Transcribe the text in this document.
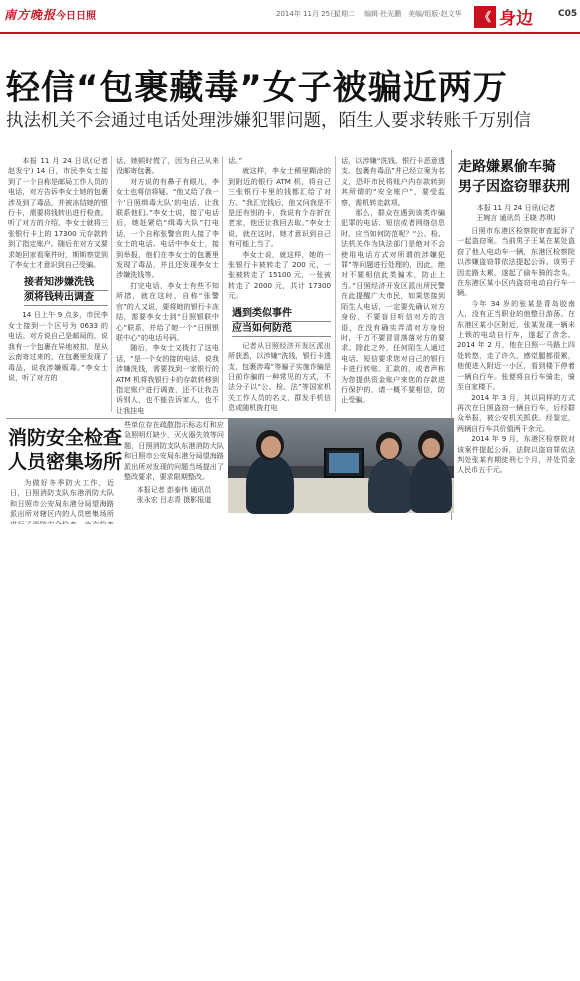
南方晚报 今日日照	2014年 11月 25日
星期二 编辑·杜光鹏 美编/组版·赵文华	《 身边	C05
轻信“包裹藏毒”女子被骗近两万
执法机关不会通过电话处理涉嫌犯罪问题，陌生人要求转账千万别信

本报 11 月 24 日讯(记者 赵发宁) 14 日，市民李女士接到了一个自称是邮局工作人员的电话，对方告诉李女士她的包裹涉及到了毒品，并被冻结她的银行卡，需要将钱转出进行检查。听了对方的介绍，李女士就将三张银行卡上的 17300 元存款转到了指定账户。随后在对方又要求她回家看案件时，斯斯察觉到了李女士才意识到自己受骗。

接者知涉嫌洗钱
须将钱转出调查

14 日上午 9 点多，市民李女士接到一个区号为 0633 的电话。对方说自己是邮局的，说我有一个包裹在异地被扣，是从云南寄过来的，在包裹里发现了毒品，说我涉嫌贩毒。”李女士说，听了对方的

话，她顿时慌了，因为自己从来没邮寄包裹。

对方说的有鼻子有眼儿，李女士也将信将疑。“他又给了我一个‘日照缉毒大队’的电话，让我联系他们。”李女士说，接了电话后，她赶紧给“缉毒大队”打电话，一个自称张警官的人接了李女士的电话。电话中李女士，接到举报，他们在李女士的包裹里发现了毒品，并且还发现李女士涉嫌洗钱等。

打完电话，李女士有些不知所措，就在这时，自称“张警官”的人又说，要将她的银行卡冻结，需要李女士到“日照银联中心”联系，并给了她一个“日照银联中心”的电话号码。

随后，李女士又拨打了这电话，“是一个女的接的电话，说我涉嫌洗钱，需要找到一家银行的 ATM 机将我银行卡的存款转移到指定账户进行调查，还不让我告诉别人，也不能告诉家人，也不让我挂电

话。”

就这样，李女士稀里糊涂的到附近的银行 ATM 机，将自己三张银行卡里的钱都汇给了对方。“我汇完钱后，他又问我是不是还有别的卡，我说有个存折在老家，他还让我回去取。”李女士说，就在这时，她才意识到自己有可能上当了。

李女士说，就这样，她的一张银行卡被转走了 200 元，一张被转走了 15100 元，一张被转走了 2000 元，共计 17300 元。

遇到类似事件
应当如何防范

记者从日照经济开发区派出所获悉，以涉嫌“洗钱，银行卡透支，包裹涉毒”等骗子实施诈骗是日前诈骗的一种常见的方式，不法分子以“公、检、法”等国家机关工作人员的名义，群发手机信息或随机拨打电

话，以涉嫌“洗钱、银行卡恶意透支、包裹有毒品”并已经立案为名义，恐吓市民将账户内存款转到其所谓的“安全账户”，要受监察，需机转走款项。

那么，群众在遇到该类诈骗犯罪的电话、短信或者网络信息时，应当如何防范呢？“公、检、法机关作为执法部门是绝对不会使用电话方式对所谓的涉嫌犯罪”等问题进行处理的，因此，绝对不要相信此类骗术，防止上当。”日照经济开发区派出所民警在此提醒广大市民，如果您接到陌生人电话，一定要先确认对方身份，不要盲目听信对方的言语，在没有确实弄清对方身份时，千万不要冒冒落落对方的要求。除此之外，任何陌生人通过电话、短信要求您对自己的银行卡进行转账、汇款的，或者声称为您提供资金账户来您的存款进行保护的，请一概不要相信，防止受骗。

消防安全检查人员密集场所

为做好冬季防火工作，近日，日照消防支队东港消防大队和日照市公安局东港分局望海路派出所对辖区内的人员密集场所

些单位存在疏散指示标志灯和应急照明灯缺少，灭火器失效等问题，日照消防支队东港消防大队和日照市公安局东港分局望海路派出所对发现的问题当场提出了整改要求，要求限期整改。

本报记者 彭泰伟 通讯员

张永宏 吕志青 摄影报道

走路嫌累偷车骑
男子因盗窃罪获刑
本报 11 月 24 日讯(记者
王婉言 通讯员 王晓 苏琪)

日照市东港区检察院审查起诉了一起盗窃案。当前男子王某在某处盗窃了他人电动车一辆，东港区检察院以涉嫌盗窃罪依法提起公诉。该男子因走路太累，遂起了偷车骑的念头，在东港区某小区内盗窃电动自行车一辆。

今年 34 岁的张某是青岛胶南人，没有正当职业的他整日游荡。在东港区某小区附近，张某发现一辆未上锁的电动自行车，遂起了贪念。2014 年 2 月，他在日照一马路上四处转悠，走了许久，感觉腿都很累，他便进入附近一小区，看到楼下停着一辆自行车。张便将自行车骑走，骑至自家楼下。

2014 年 3 月，其以同样的方式再次在日照盗窃一辆自行车，后经群众举报，被公安机关抓获。经鉴定，两辆自行车共价值两千余元。

2014 年 9 月，东港区检察院对该案件提起公诉，法院以盗窃罪依法判处张某有期徒刑七个月，并处罚金人民币五千元。
